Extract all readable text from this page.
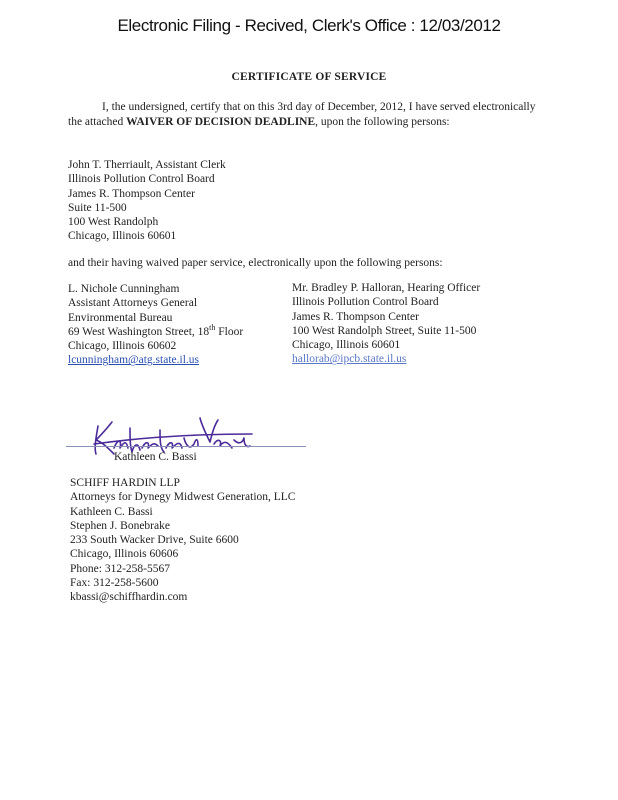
Electronic Filing - Recived, Clerk's Office : 12/03/2012
CERTIFICATE OF SERVICE
I, the undersigned, certify that on this 3rd day of December, 2012, I have served electronically the attached WAIVER OF DECISION DEADLINE, upon the following persons:
John T. Therriault, Assistant Clerk
Illinois Pollution Control Board
James R. Thompson Center
Suite 11-500
100 West Randolph
Chicago, Illinois 60601
and their having waived paper service, electronically upon the following persons:
L. Nichole Cunningham
Assistant Attorneys General
Environmental Bureau
69 West Washington Street, 18th Floor
Chicago, Illinois 60602
lcunningham@atg.state.il.us
Mr. Bradley P. Halloran, Hearing Officer
Illinois Pollution Control Board
James R. Thompson Center
100 West Randolph Street, Suite 11-500
Chicago, Illinois 60601
hallorab@ipcb.state.il.us
Kathleen C. Bassi
SCHIFF HARDIN LLP
Attorneys for Dynegy Midwest Generation, LLC
Kathleen C. Bassi
Stephen J. Bonebrake
233 South Wacker Drive, Suite 6600
Chicago, Illinois 60606
Phone: 312-258-5567
Fax: 312-258-5600
kbassi@schiffhardin.com
